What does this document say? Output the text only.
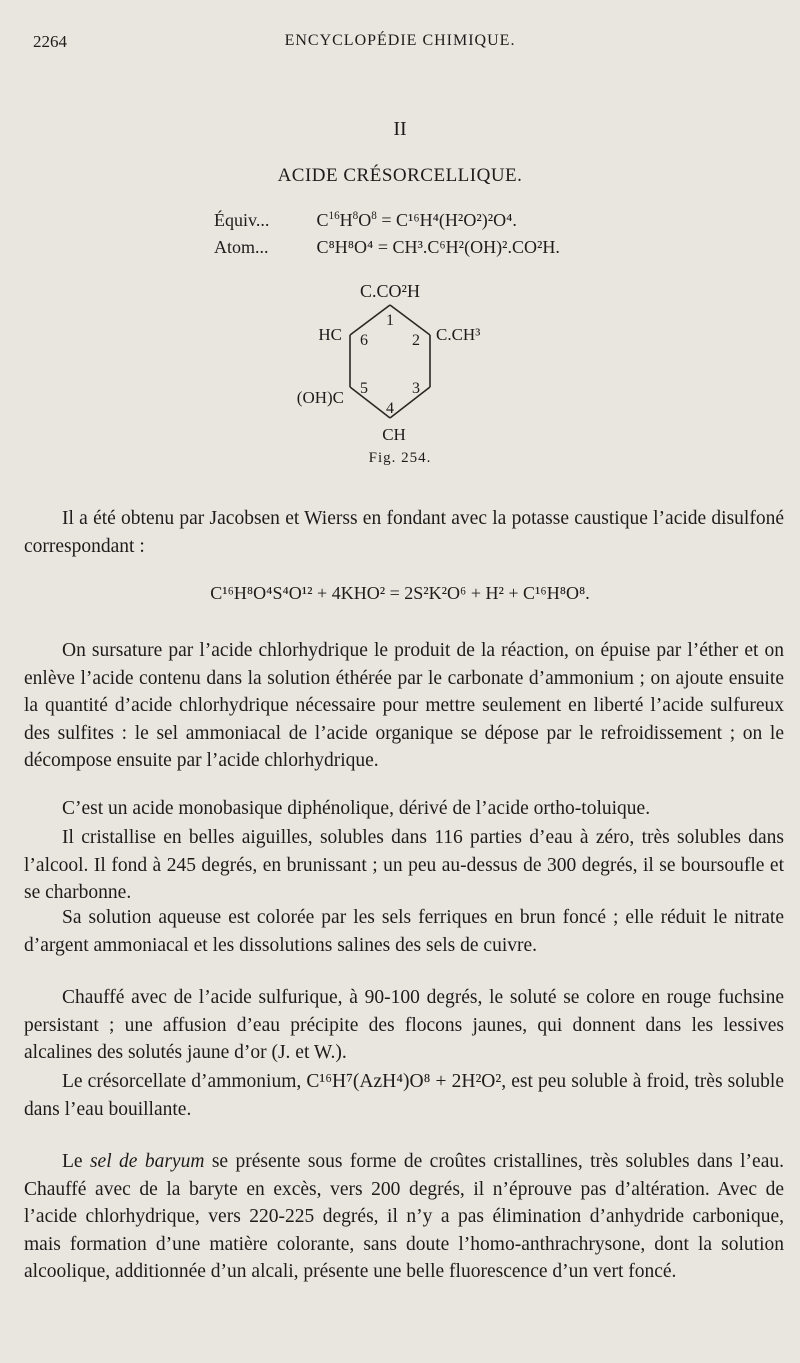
2264	ENCYCLOPÉDIE CHIMIQUE.
II
ACIDE CRÉSORCELLIQUE.
Équiv...	$C^{16}H^8O^8 = C^{16}H^4(H^2O^2)^2O^4$.
Atom...	C⁸H⁸O⁴ = CH³.C⁶H²(OH)².CO²H.
C.CO²H
HC	C.CH³
(OH)C
CH
1
2
3
4
5
6
Fig. 254.
Il a été obtenu par Jacobsen et Wierss en fondant avec la potasse caustique l’acide disulfoné correspondant :
C¹⁶H⁸O⁴S⁴O¹² + 4KHO² = 2S²K²O⁶ + H² + C¹⁶H⁸O⁸.
On sursature par l’acide chlorhydrique le produit de la réaction, on épuise par l’éther et on enlève l’acide contenu dans la solution éthérée par le carbonate d’ammonium ; on ajoute ensuite la quantité d’acide chlorhydrique nécessaire pour mettre seulement en liberté l’acide sulfureux des sulfites : le sel ammoniacal de l’acide organique se dépose par le refroidissement ; on le décompose ensuite par l’acide chlorhydrique.
C’est un acide monobasique diphénolique, dérivé de l’acide ortho-toluique.
Il cristallise en belles aiguilles, solubles dans 116 parties d’eau à zéro, très solubles dans l’alcool. Il fond à 245 degrés, en brunissant ; un peu au-dessus de 300 degrés, il se boursoufle et se charbonne.
Sa solution aqueuse est colorée par les sels ferriques en brun foncé ; elle réduit le nitrate d’argent ammoniacal et les dissolutions salines des sels de cuivre.
Chauffé avec de l’acide sulfurique, à 90-100 degrés, le soluté se colore en rouge fuchsine persistant ; une affusion d’eau précipite des flocons jaunes, qui donnent dans les lessives alcalines des solutés jaune d’or (J. et W.).
Le crésorcellate d’ammonium, C¹⁶H⁷(AzH⁴)O⁸ + 2H²O², est peu soluble à froid, très soluble dans l’eau bouillante.
Le sel de baryum se présente sous forme de croûtes cristallines, très solubles dans l’eau. Chauffé avec de la baryte en excès, vers 200 degrés, il n’éprouve pas d’altération. Avec de l’acide chlorhydrique, vers 220-225 degrés, il n’y a pas élimination d’anhydride carbonique, mais formation d’une matière colorante, sans doute l’homo-anthrachrysone, dont la solution alcoolique, additionnée d’un alcali, présente une belle fluorescence d’un vert foncé.
